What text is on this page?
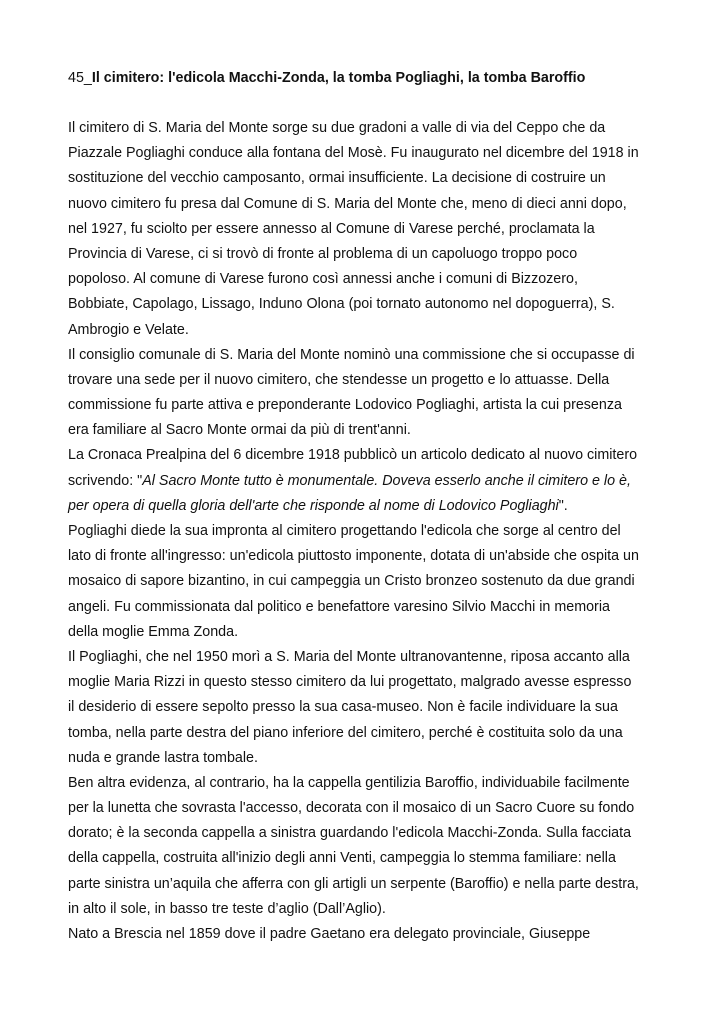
45_Il cimitero: l'edicola Macchi-Zonda, la tomba Pogliaghi, la tomba Baroffio

Il cimitero di S. Maria del Monte sorge su due gradoni a valle di via del Ceppo che da

Piazzale Pogliaghi conduce alla fontana del Mosè. Fu inaugurato nel dicembre del 1918 in

sostituzione del vecchio camposanto, ormai insufficiente. La decisione di costruire un

nuovo cimitero fu presa dal Comune di S. Maria del Monte che, meno di dieci anni dopo,

nel 1927, fu sciolto per essere annesso al Comune di Varese perché, proclamata la

Provincia di Varese, ci si trovò di fronte al problema di un capoluogo troppo poco

popoloso. Al comune di Varese furono così annessi anche i comuni di Bizzozero,

Bobbiate, Capolago, Lissago, Induno Olona (poi tornato autonomo nel dopoguerra), S.

Ambrogio e Velate.

Il consiglio comunale di S. Maria del Monte nominò una commissione che si occupasse di

trovare una sede per il nuovo cimitero, che stendesse un progetto e lo attuasse. Della

commissione fu parte attiva e preponderante Lodovico Pogliaghi, artista la cui presenza

era familiare al Sacro Monte ormai da più di trent'anni.

La Cronaca Prealpina del 6 dicembre 1918 pubblicò un articolo dedicato al nuovo cimitero

scrivendo: "Al Sacro Monte tutto è monumentale. Doveva esserlo anche il cimitero e lo è,

per opera di quella gloria dell'arte che risponde al nome di Lodovico Pogliaghi".

Pogliaghi diede la sua impronta al cimitero progettando l'edicola che sorge al centro del

lato di fronte all'ingresso: un'edicola piuttosto imponente, dotata di un'abside che ospita un

mosaico di sapore bizantino, in cui campeggia un Cristo bronzeo sostenuto da due grandi

angeli. Fu commissionata dal politico e benefattore varesino Silvio Macchi in memoria

della moglie Emma Zonda.

Il Pogliaghi, che nel 1950 morì a S. Maria del Monte ultranovantenne, riposa accanto alla

moglie Maria Rizzi in questo stesso cimitero da lui progettato, malgrado avesse espresso

il desiderio di essere sepolto presso la sua casa-museo. Non è facile individuare la sua

tomba, nella parte destra del piano inferiore del cimitero, perché è costituita solo da una

nuda e grande lastra tombale.

Ben altra evidenza, al contrario, ha la cappella gentilizia Baroffio, individuabile facilmente

per la lunetta che sovrasta l'accesso, decorata con il mosaico di un Sacro Cuore su fondo

dorato; è la seconda cappella a sinistra guardando l'edicola Macchi-Zonda. Sulla facciata

della cappella, costruita all'inizio degli anni Venti, campeggia lo stemma familiare: nella

parte sinistra un’aquila che afferra con gli artigli un serpente (Baroffio) e nella parte destra,

in alto il sole, in basso tre teste d’aglio (Dall’Aglio).

Nato a Brescia nel 1859 dove il padre Gaetano era delegato provinciale, Giuseppe
